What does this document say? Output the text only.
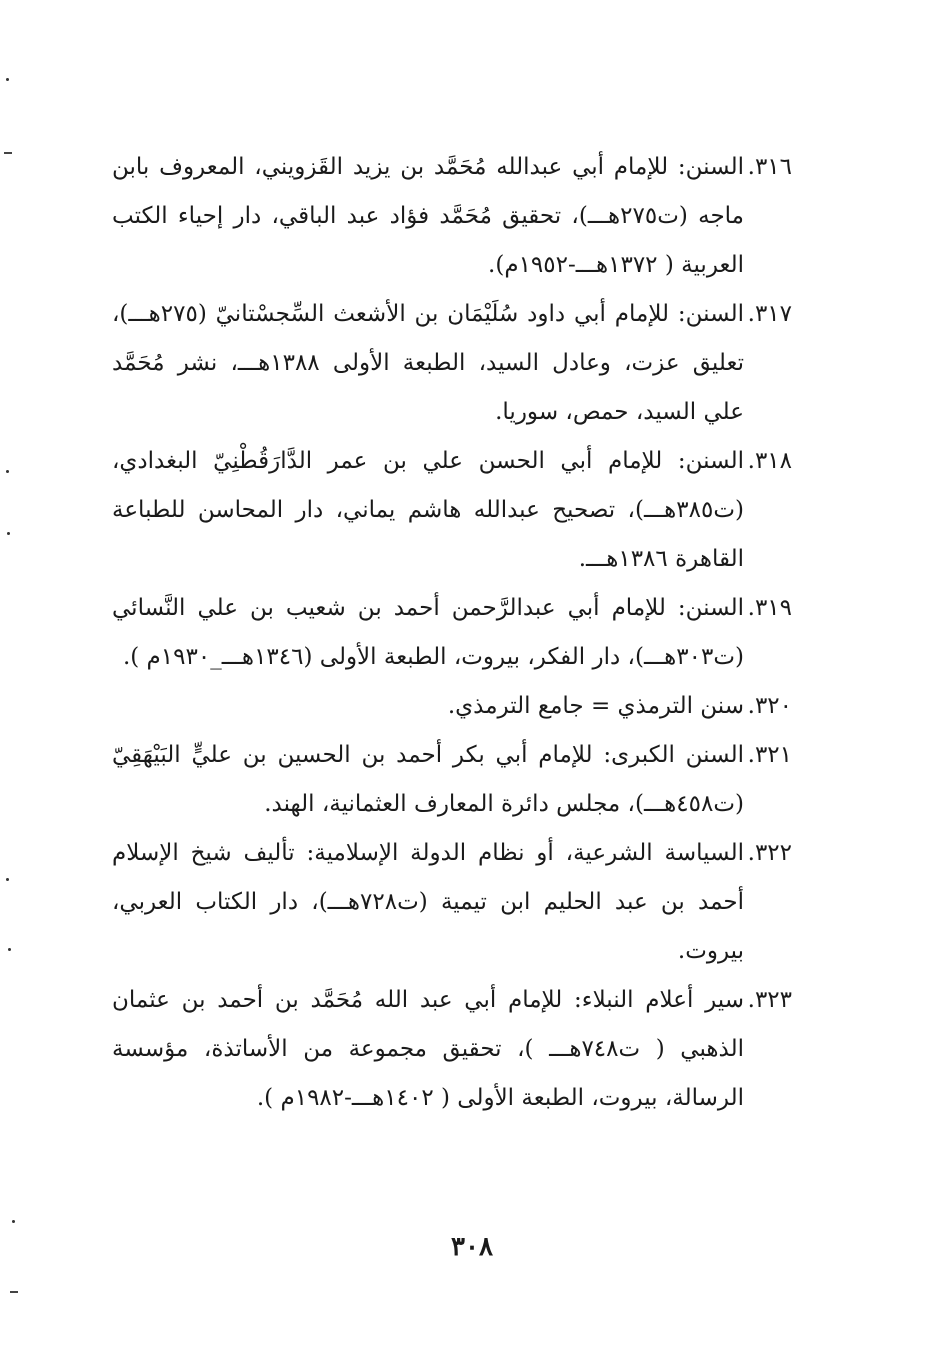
٣١٦.
السنن: للإمام أبي عبدالله مُحَمَّد بن يزيد القَزويني، المعروف بابن ماجه (ت٢٧٥هـــ)، تحقيق مُحَمَّد فؤاد عبد الباقي، دار إحياء الكتب العربية ( ١٣٧٢هـــ-١٩٥٢م).
٣١٧.
السنن: للإمام أبي داود سُلَيْمَان بن الأشعث السِّجسْتانيّ (٢٧٥هـــ)، تعليق عزت، وعادل السيد، الطبعة الأولى ١٣٨٨هـــ، نشر مُحَمَّد علي السيد، حمص، سوريا.
٣١٨.
السنن: للإمام أبي الحسن علي بن عمر الدَّارَقُطْنِيّ البغدادي، (ت٣٨٥هـــ)، تصحيح عبدالله هاشم يماني، دار المحاسن للطباعة القاهرة ١٣٨٦هـــ.
٣١٩.
السنن: للإمام أبي عبدالرَّحمن أحمد بن شعيب بن علي النَّسائي (ت٣٠٣هـــ)، دار الفكر، بيروت، الطبعة الأولى (١٣٤٦هـــ_١٩٣٠م ).
٣٢٠.
سنن الترمذي = جامع الترمذي.
٣٢١.
السنن الكبرى: للإمام أبي بكر أحمد بن الحسين بن عليٍّ البَيْهَقِيّ (ت٤٥٨هـــ)، مجلس دائرة المعارف العثمانية، الهند.
٣٢٢.
السياسة الشرعية، أو نظام الدولة الإسلامية: تأليف شيخ الإسلام أحمد بن عبد الحليم ابن تيمية (ت٧٢٨هـــ)، دار الكتاب العربي، بيروت.
٣٢٣.
سير أعلام النبلاء: للإمام أبي عبد الله مُحَمَّد بن أحمد بن عثمان الذهبي ( ت٧٤٨هـــ )، تحقيق مجموعة من الأساتذة، مؤسسة الرسالة، بيروت، الطبعة الأولى ( ١٤٠٢هـــ-١٩٨٢م ).
٣٠٨
